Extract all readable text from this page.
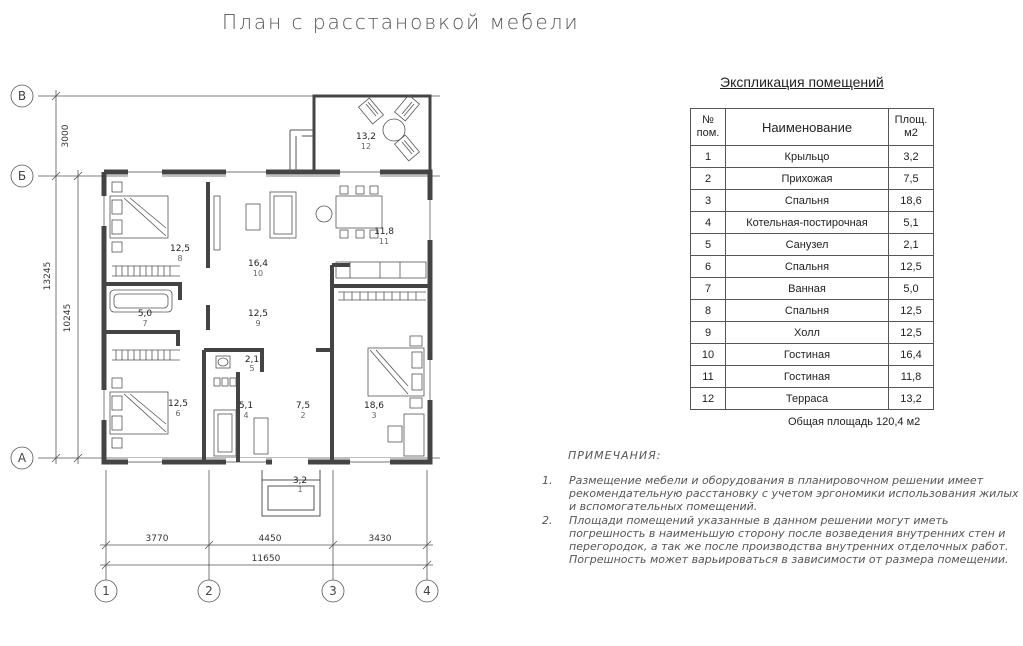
План с расстановкой мебели
В
Б
А
1	2	3	4
3000
13245
10245
3770	4450	3430
11650
13,2
12,5
16,4
11,8
5,0	12,5
2,1
12,5	5,1	7,5	18,6
3,2
12
8
10
11
7	9
5
6	4	2	3
1
Экспликация помещений
№ пом.	Наименование	Площ. м2
1	Крыльцо	3,2
2	Прихожая	7,5
3	Спальня	18,6
4	Котельная-постирочная	5,1
5	Санузел	2,1
6	Спальня	12,5
7	Ванная	5,0
8	Спальня	12,5
9	Холл	12,5
10	Гостиная	16,4
11	Гостиная	11,8
12	Терраса	13,2
Общая площадь 120,4 м2
ПРИМЕЧАНИЯ:
1. Размещение мебели и оборудования в планировочном решении имеет рекомендательную расстановку с учетом эргономики использования жилых и вспомогательных помещений.
2. Площади помещений указанные в данном решении могут иметь погрешность в наименьшую сторону после возведения внутренних стен и перегородок, а так же после производства внутренних отделочных работ. Погрешность может варьироваться в зависимости от размера помещении.
